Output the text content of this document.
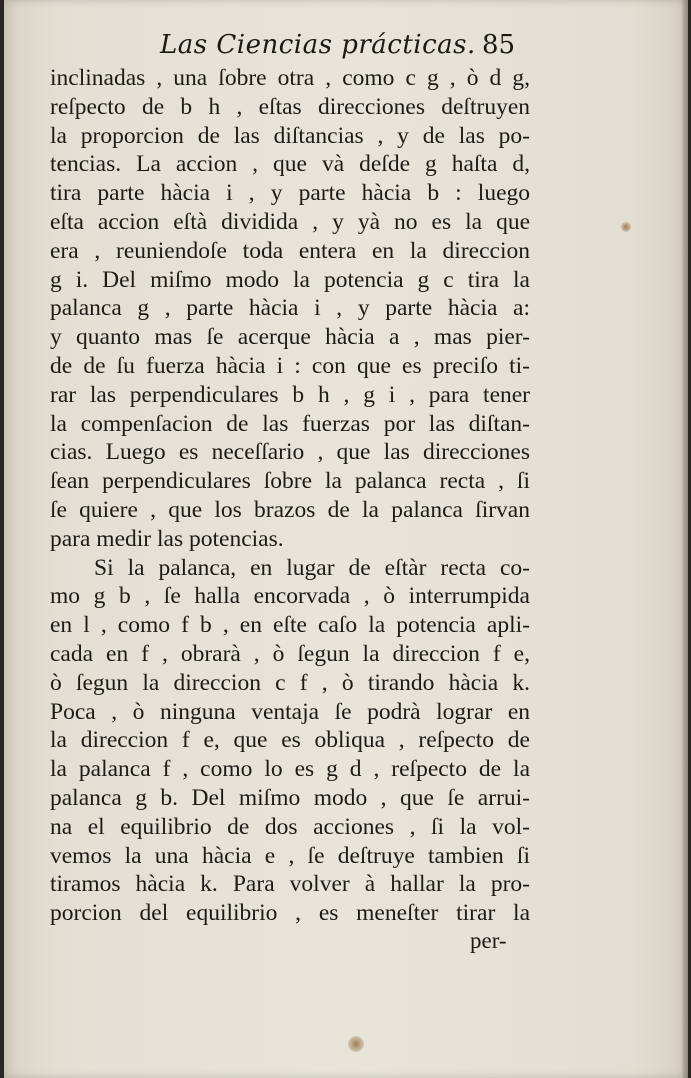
Las Ciencias prácticas. 85
inclinadas , una ſobre otra , como c g , ò d g,
reſpecto de b h , eſtas direcciones deſtruyen
la proporcion de las diſtancias , y de las po-
tencias. La accion , que và deſde g haſta d,
tira parte hàcia i , y parte hàcia b : luego
eſta accion eſtà dividida , y yà no es la que
era , reuniendoſe toda entera en la direccion
g i. Del miſmo modo la potencia g c tira la
palanca g , parte hàcia i , y parte hàcia a:
y quanto mas ſe acerque hàcia a , mas pier-
de de ſu fuerza hàcia i : con que es preciſo ti-
rar las perpendiculares b h , g i , para tener
la compenſacion de las fuerzas por las diſtan-
cias. Luego es neceſſario , que las direcciones
ſean perpendiculares ſobre la palanca recta , ſi
ſe quiere , que los brazos de la palanca ſirvan
para medir las potencias.
Si la palanca, en lugar de eſtàr recta co-
mo g b , ſe halla encorvada , ò interrumpida
en l , como f b , en eſte caſo la potencia apli-
cada en f , obrarà , ò ſegun la direccion f e,
ò ſegun la direccion c f , ò tirando hàcia k.
Poca , ò ninguna ventaja ſe podrà lograr en
la direccion f e, que es obliqua , reſpecto de
la palanca f , como lo es g d , reſpecto de la
palanca g b. Del miſmo modo , que ſe arrui-
na el equilibrio de dos acciones , ſi la vol-
vemos la una hàcia e , ſe deſtruye tambien ſi
tiramos hàcia k. Para volver à hallar la pro-
porcion del equilibrio , es meneſter tirar la
per-
